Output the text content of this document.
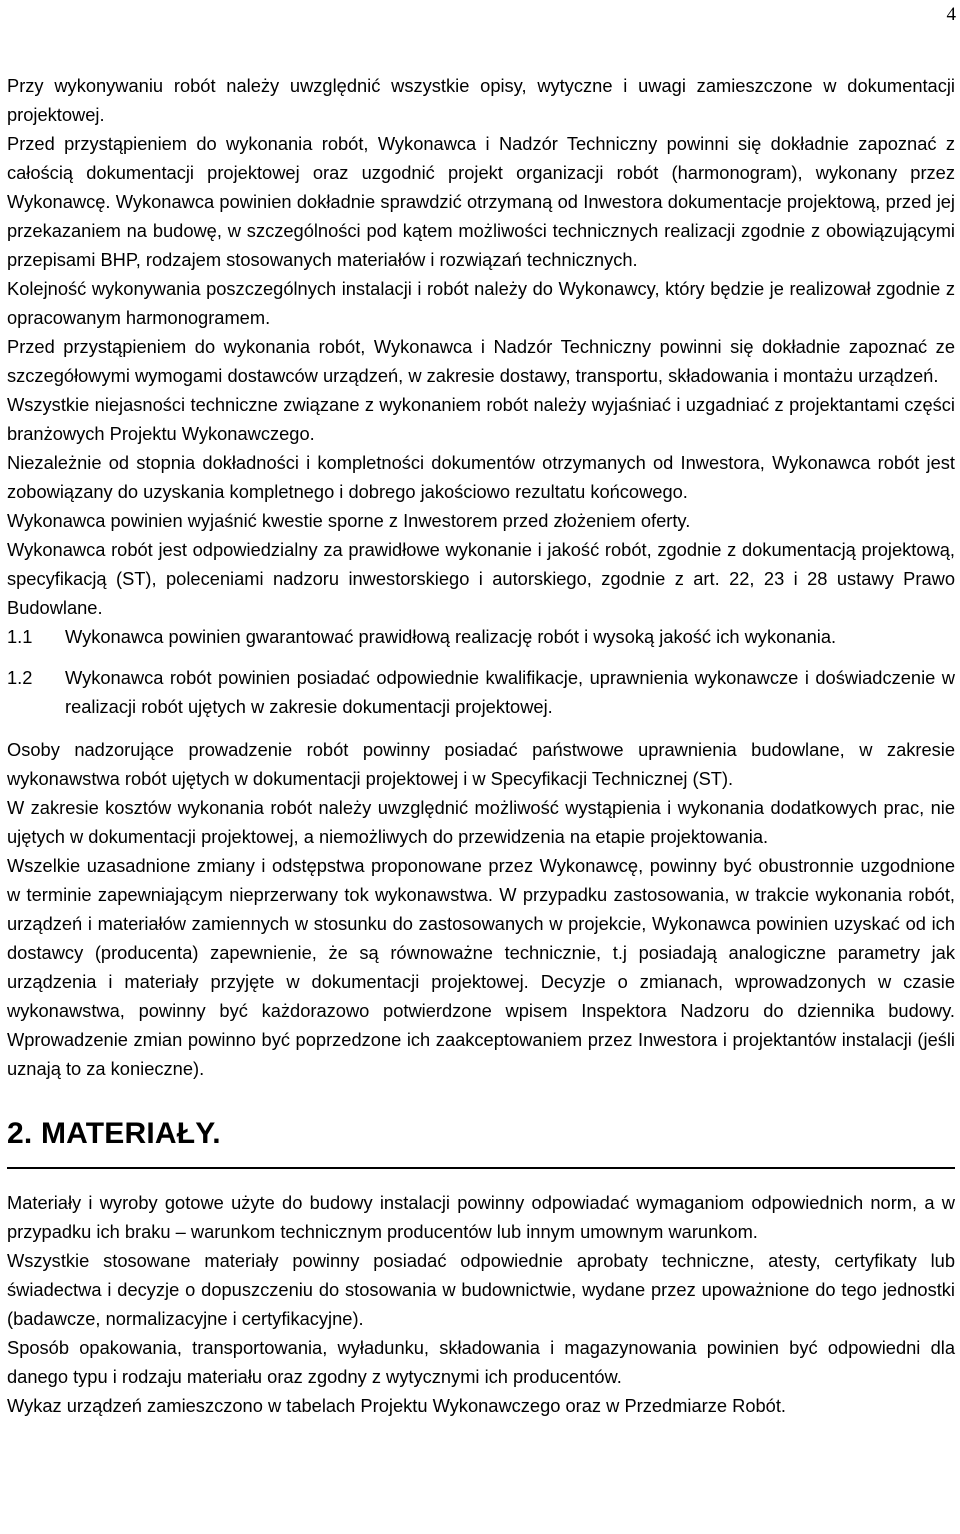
4

Przy wykonywaniu robót należy uwzględnić wszystkie opisy, wytyczne i uwagi zamieszczone w dokumentacji projektowej.

Przed przystąpieniem do wykonania robót, Wykonawca i Nadzór Techniczny powinni się dokładnie zapoznać z całością dokumentacji projektowej oraz uzgodnić projekt organizacji robót (harmonogram), wykonany przez Wykonawcę. Wykonawca powinien dokładnie sprawdzić otrzymaną od Inwestora dokumentacje projektową, przed jej przekazaniem na budowę, w szczególności pod kątem możliwości technicznych realizacji zgodnie z obowiązującymi przepisami BHP, rodzajem stosowanych materiałów i rozwiązań technicznych.

Kolejność wykonywania poszczególnych instalacji i robót należy do Wykonawcy, który będzie je realizował zgodnie z opracowanym harmonogramem.

Przed przystąpieniem do wykonania robót, Wykonawca i Nadzór Techniczny powinni się dokładnie zapoznać ze szczegółowymi wymogami dostawców urządzeń, w zakresie dostawy, transportu, składowania i montażu urządzeń.

Wszystkie niejasności techniczne związane z wykonaniem robót należy wyjaśniać i uzgadniać z projektantami części branżowych Projektu Wykonawczego.

Niezależnie od stopnia dokładności i kompletności dokumentów otrzymanych od Inwestora, Wykonawca robót jest zobowiązany do uzyskania kompletnego i dobrego jakościowo rezultatu końcowego.

Wykonawca powinien wyjaśnić kwestie sporne z Inwestorem przed złożeniem oferty.

Wykonawca robót jest odpowiedzialny za prawidłowe wykonanie i jakość robót, zgodnie z dokumentacją projektową, specyfikacją (ST), poleceniami nadzoru inwestorskiego i autorskiego, zgodnie z art. 22, 23 i 28 ustawy Prawo Budowlane.

1.1	Wykonawca powinien gwarantować prawidłową realizację robót i wysoką jakość ich wykonania.
1.2	Wykonawca robót powinien posiadać odpowiednie kwalifikacje, uprawnienia wykonawcze i doświadczenie w realizacji robót ujętych w zakresie dokumentacji projektowej.

Osoby nadzorujące prowadzenie robót powinny posiadać państwowe uprawnienia budowlane, w zakresie wykonawstwa robót ujętych w dokumentacji projektowej i w Specyfikacji Technicznej (ST).

W zakresie kosztów wykonania robót należy uwzględnić możliwość wystąpienia i wykonania dodatkowych prac, nie ujętych w dokumentacji projektowej, a niemożliwych do przewidzenia na etapie projektowania.

Wszelkie uzasadnione zmiany i odstępstwa proponowane przez Wykonawcę, powinny być obustronnie uzgodnione w terminie zapewniającym nieprzerwany tok wykonawstwa. W przypadku zastosowania, w trakcie wykonania robót, urządzeń i materiałów zamiennych w stosunku do zastosowanych w projekcie, Wykonawca powinien uzyskać od ich dostawcy (producenta) zapewnienie, że są równoważne technicznie, t.j posiadają analogiczne parametry jak urządzenia i materiały przyjęte w dokumentacji projektowej. Decyzje o zmianach, wprowadzonych w czasie wykonawstwa, powinny być każdorazowo potwierdzone wpisem Inspektora Nadzoru do dziennika budowy. Wprowadzenie zmian powinno być poprzedzone ich zaakceptowaniem przez Inwestora i projektantów instalacji (jeśli uznają to za konieczne).

2. MATERIAŁY.

Materiały i wyroby gotowe użyte do budowy instalacji powinny odpowiadać wymaganiom odpowiednich norm, a w przypadku ich braku – warunkom technicznym producentów lub innym umownym warunkom.

Wszystkie stosowane materiały powinny posiadać odpowiednie aprobaty techniczne, atesty, certyfikaty lub świadectwa i decyzje o dopuszczeniu do stosowania w budownictwie, wydane przez upoważnione do tego jednostki (badawcze, normalizacyjne i certyfikacyjne).

Sposób opakowania, transportowania, wyładunku, składowania i magazynowania powinien być odpowiedni dla danego typu i rodzaju materiału oraz zgodny z wytycznymi ich producentów.

Wykaz urządzeń zamieszczono w tabelach Projektu Wykonawczego oraz w Przedmiarze Robót.
